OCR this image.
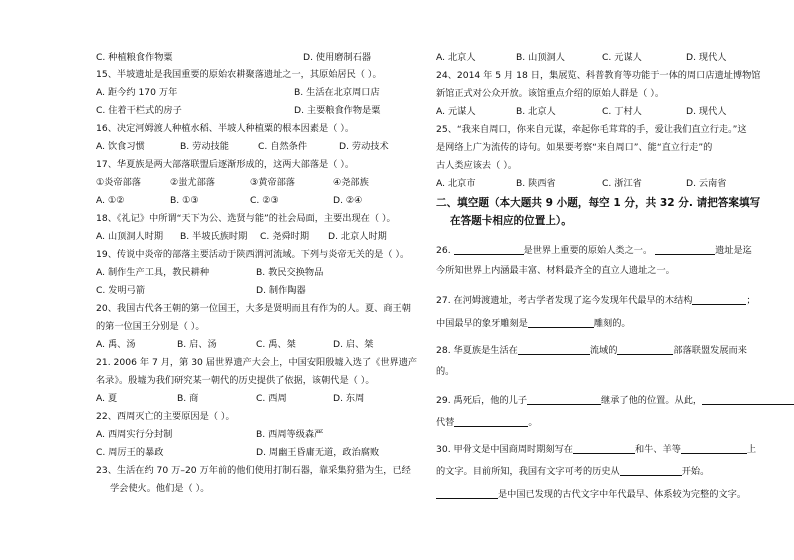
C. 种植粮食作物粟	D. 使用磨制石器
15、半坡遗址是我国重要的原始农耕聚落遗址之一，其原始居民（ ）。
A. 距今约 170 万年	B. 生活在北京周口店
C. 住着干栏式的房子	D. 主要粮食作物是粟
16、决定河姆渡人种植水稻、半坡人种植粟的根本因素是（ ）。
A. 饮食习惯	B. 劳动技能	C. 自然条件	D. 劳动技术
17、华夏族是两大部落联盟后逐渐形成的，这两大部落是（ ）。
①炎帝部落	②蚩尤部落	③黄帝部落	④尧部族
A. ①②	B. ①③	C. ②③	D. ②④
18、《礼记》中所谓“天下为公、选贤与能”的社会局面，主要出现在（ ）。
A. 山顶洞人时期 B. 半坡氏族时期 C. 尧舜时期 D. 北京人时期
19、传说中炎帝的部落主要活动于陕西渭河流域。下列与炎帝无关的是（ ）。
A. 制作生产工具，教民耕种	B. 教民交换物品
C. 发明弓箭	D. 制作陶器
20、我国古代各王朝的第一位国王，大多是贤明而且有作为的人。夏、商王朝
的第一位国王分别是（ ）。
A. 禹、汤	B. 启、汤	C. 禹、桀	D. 启、桀
21. 2006 年 7 月，第 30 届世界遗产大会上，中国安阳殷墟入选了《世界遗产
名录》。殷墟为我们研究某一朝代的历史提供了依据，该朝代是（ ）。
A. 夏	B. 商	C. 西周	D. 东周
22、西周灭亡的主要原因是（ ）。
A. 西周实行分封制	B. 西周等级森严
C. 周厉王的暴政	D. 周幽王昏庸无道，政治腐败
23、生活在约 70 万–20 万年前的他们使用打制石器，靠采集狩猎为生，已经
学会使火。他们是（ ）。
A. 北京人	B. 山顶洞人	C. 元谋人	D. 现代人
24、2014 年 5 月 18 日，集展览、科普教育等功能于一体的周口店遗址博物馆
新馆正式对公众开放。该馆重点介绍的原始人群是（ ）。
A. 元谋人	B. 北京人	C. 丁村人	D. 现代人
25、“我来自周口，你来自元谋，牵起你毛茸茸的手，爱让我们直立行走。”这
是网络上广为流传的诗句。如果要考察“来自周口”、能“直立行走”的
古人类应该去（ ）。
A. 北京市	B. 陕西省	C. 浙江省	D. 云南省
二、填空题（本大题共 9 小题，每空 1 分，共 32 分. 请把答案填写
在答题卡相应的位置上）。
26.	是世界上重要的原始人类之一。	遗址是迄
今所知世界上内涵最丰富、材料最齐全的直立人遗址之一。
27. 在河姆渡遗址，考古学者发现了迄今发现年代最早的木结构	；
中国最早的象牙雕刻是	雕刻的。
28. 华夏族是生活在	流域的	部落联盟发展而来
的。
29. 禹死后，他的儿子	继承了他的位置。从此，
代替	。
30. 甲骨文是中国商周时期刻写在	和牛、羊等	上
的文字。目前所知，我国有文字可考的历史从	开始。
是中国已发现的古代文字中年代最早、体系较为完整的文字。
